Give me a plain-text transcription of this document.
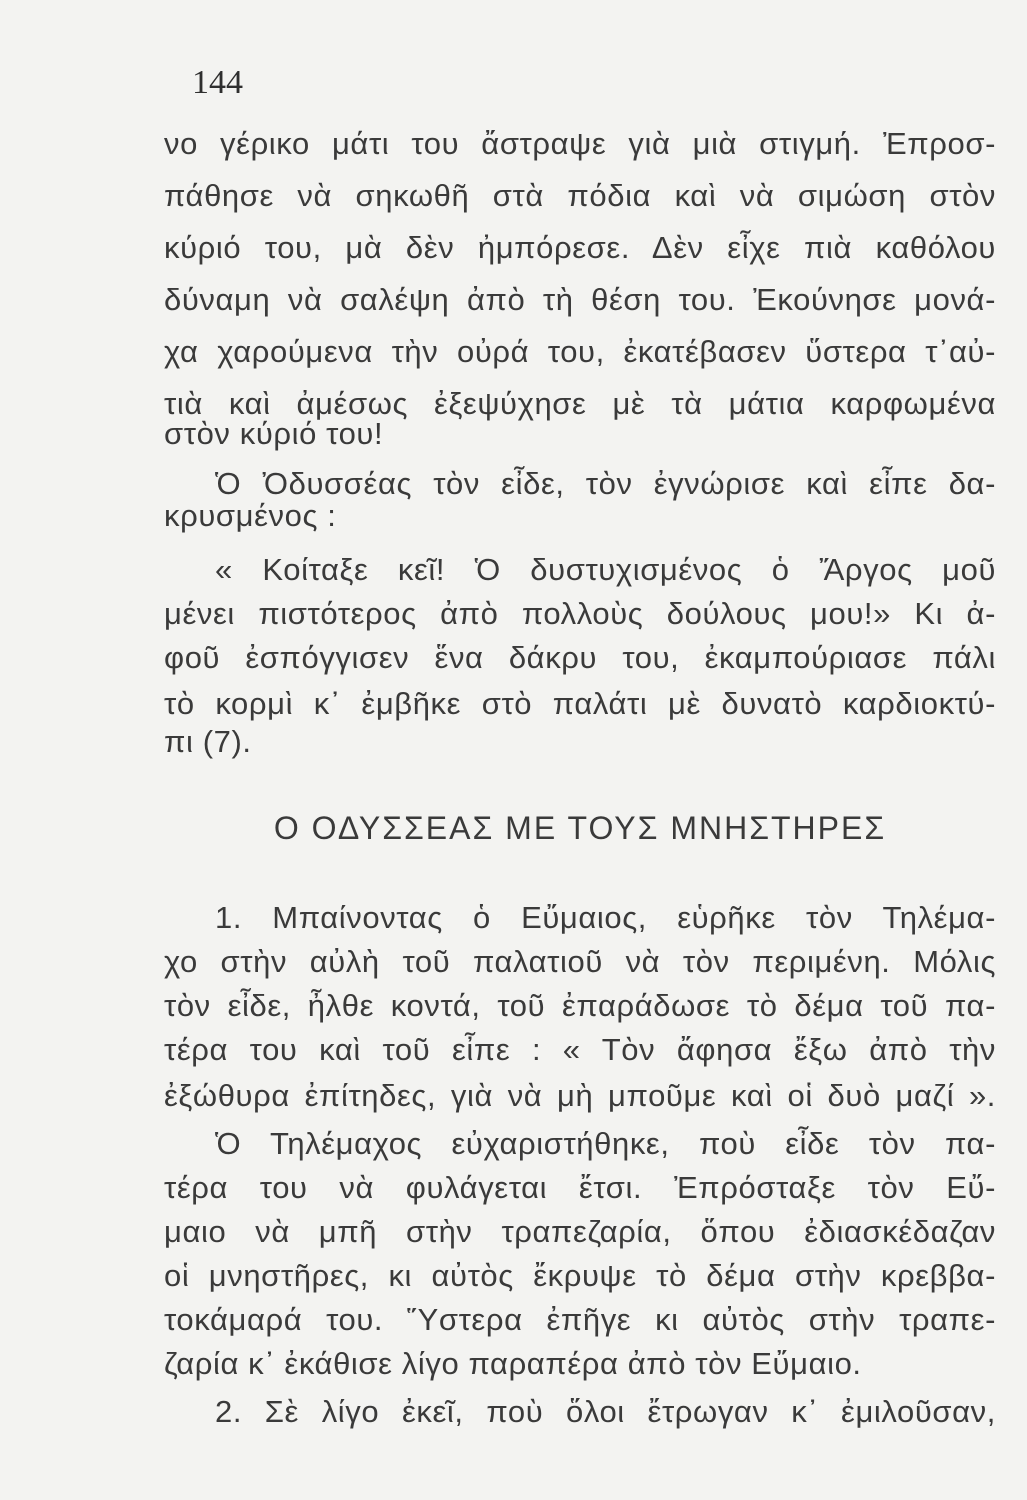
144
νο γέρικο μάτι του ἄστραψε γιὰ μιὰ στιγμή. Ἐπροσ-
πάθησε νὰ σηκωθῆ στὰ πόδια καὶ νὰ σιμώση στὸν
κύριό του, μὰ δὲν ἠμπόρεσε. Δὲν εἶχε πιὰ καθόλου
δύναμη νὰ σαλέψη ἀπὸ τὴ θέση του. Ἐκούνησε μονά-
χα χαρούμενα τὴν οὐρά του, ἐκατέβασεν ὕστερα τ᾿αὐ-
τιὰ καὶ ἀμέσως ἐξεψύχησε μὲ τὰ μάτια καρφωμένα
στὸν κύριό του!
Ὁ Ὀδυσσέας τὸν εἶδε, τὸν ἐγνώρισε καὶ εἶπε δα-
κρυσμένος :
« Κοίταξε κεῖ! Ὁ δυστυχισμένος ὁ Ἄργος μοῦ
μένει πιστότερος ἀπὸ πολλοὺς δούλους μου!» Κι ἀ-
φοῦ ἐσπόγγισεν ἕνα δάκρυ του, ἐκαμπούριασε πάλι
τὸ κορμὶ κ᾿ ἐμβῆκε στὸ παλάτι μὲ δυνατὸ καρδιοκτύ-
πι (7).
Ο ΟΔΥΣΣΕΑΣ ΜΕ ΤΟΥΣ ΜΝΗΣΤΗΡΕΣ
1. Μπαίνοντας ὁ Εὔμαιος, εὑρῆκε τὸν Τηλέμα-
χο στὴν αὐλὴ τοῦ παλατιοῦ νὰ τὸν περιμένη. Μόλις
τὸν εἶδε, ἦλθε κοντά, τοῦ ἐπαράδωσε τὸ δέμα τοῦ πα-
τέρα του καὶ τοῦ εἶπε : « Τὸν ἄφησα ἔξω ἀπὸ τὴν
ἐξώθυρα ἐπίτηδες, γιὰ νὰ μὴ μποῦμε καὶ οἱ δυὸ μαζί ».
Ὁ Τηλέμαχος εὐχαριστήθηκε, ποὺ εἶδε τὸν πα-
τέρα του νὰ φυλάγεται ἔτσι. Ἐπρόσταξε τὸν Εὔ-
μαιο νὰ μπῆ στὴν τραπεζαρία, ὅπου ἐδιασκέδαζαν
οἱ μνηστῆρες, κι αὐτὸς ἔκρυψε τὸ δέμα στὴν κρεββα-
τοκάμαρά του. Ὕστερα ἐπῆγε κι αὐτὸς στὴν τραπε-
ζαρία κ᾿ ἐκάθισε λίγο παραπέρα ἀπὸ τὸν Εὔμαιο.
2. Σὲ λίγο ἐκεῖ, ποὺ ὅλοι ἔτρωγαν κ᾿ ἐμιλοῦσαν,
